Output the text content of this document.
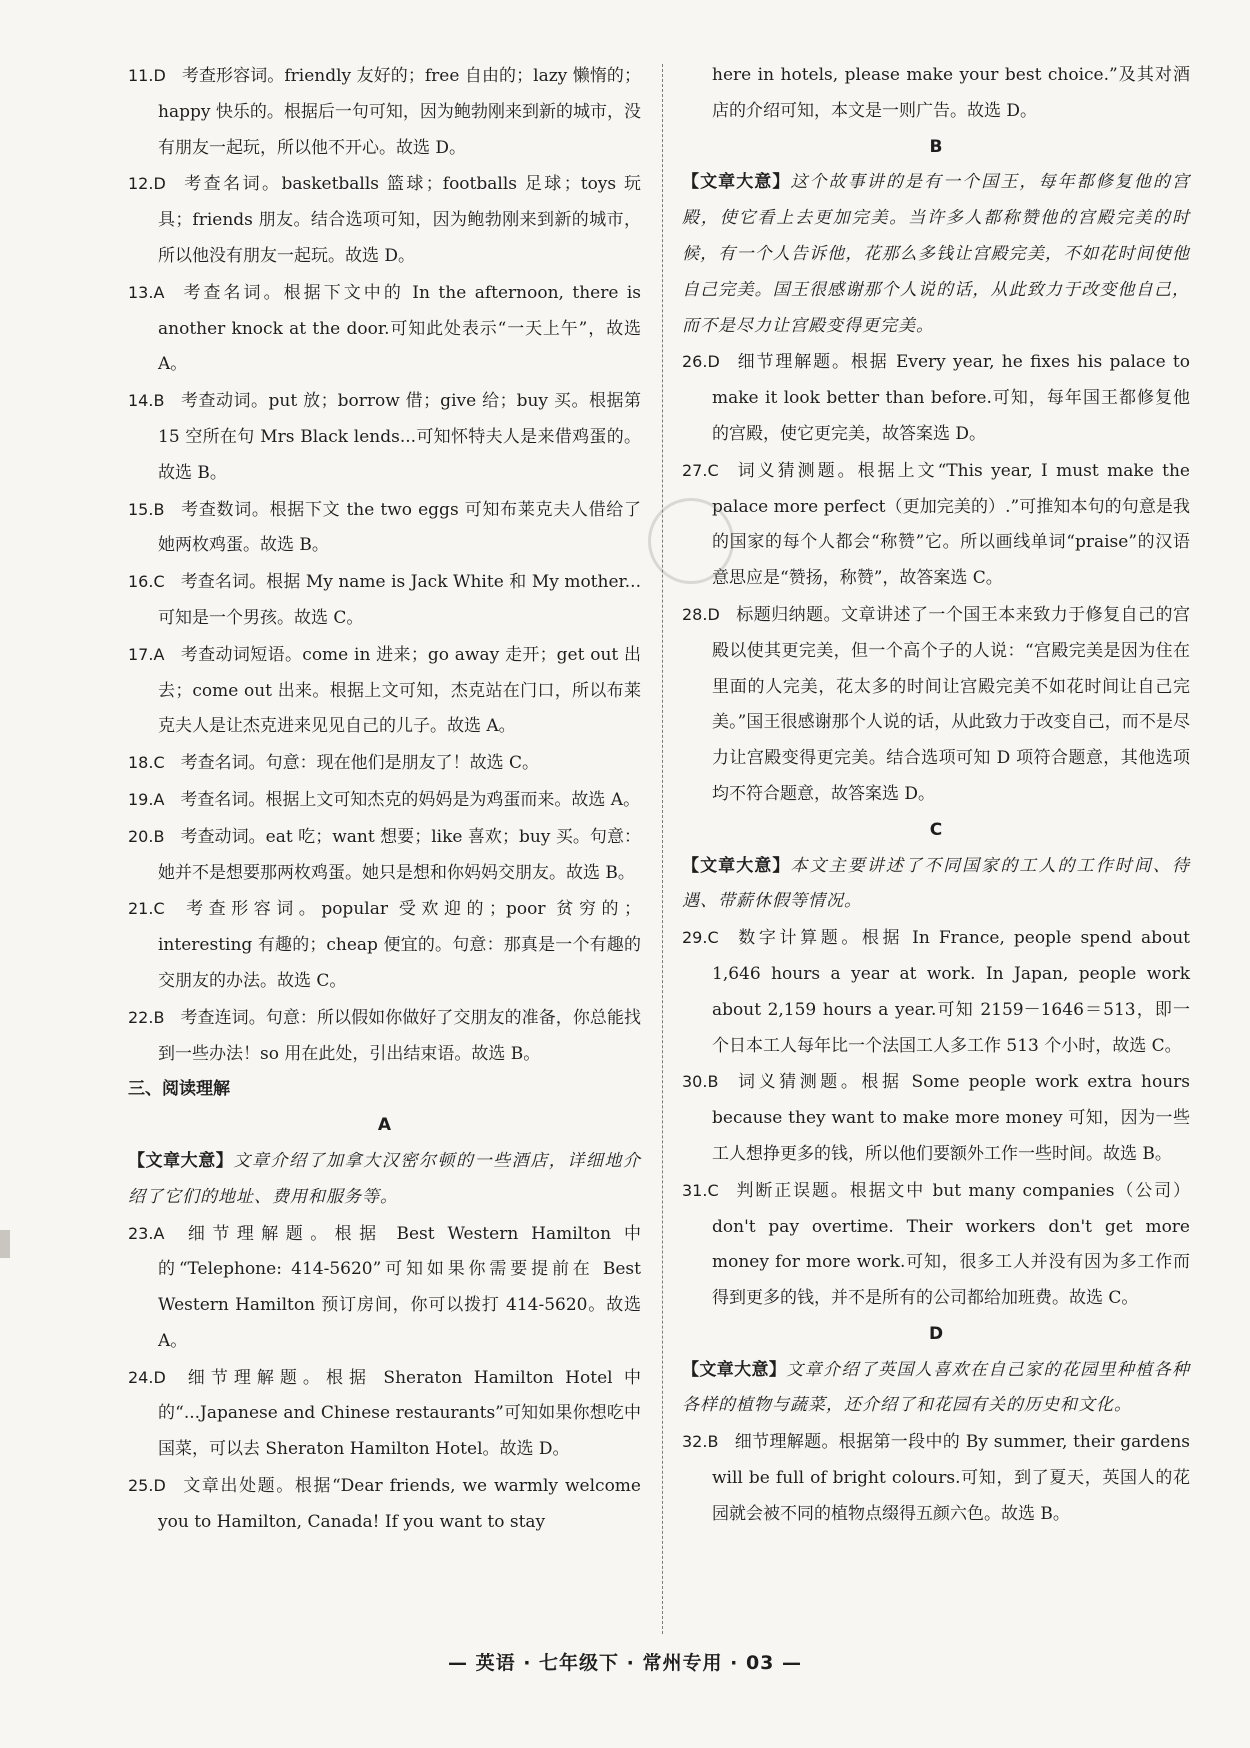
11.D 考查形容词。friendly 友好的；free 自由的；lazy 懒惰的；happy 快乐的。根据后一句可知，因为鲍勃刚来到新的城市，没有朋友一起玩，所以他不开心。故选 D。

12.D 考查名词。basketballs 篮球；footballs 足球；toys 玩具；friends 朋友。结合选项可知，因为鲍勃刚来到新的城市，所以他没有朋友一起玩。故选 D。

13.A 考查名词。根据下文中的 In the afternoon, there is another knock at the door.可知此处表示“一天上午”，故选 A。

14.B 考查动词。put 放；borrow 借；give 给；buy 买。根据第 15 空所在句 Mrs Black lends...可知怀特夫人是来借鸡蛋的。故选 B。

15.B 考查数词。根据下文 the two eggs 可知布莱克夫人借给了她两枚鸡蛋。故选 B。

16.C 考查名词。根据 My name is Jack White 和 My mother...可知是一个男孩。故选 C。

17.A 考查动词短语。come in 进来；go away 走开；get out 出去；come out 出来。根据上文可知，杰克站在门口，所以布莱克夫人是让杰克进来见见自己的儿子。故选 A。

18.C 考查名词。句意：现在他们是朋友了！故选 C。

19.A 考查名词。根据上文可知杰克的妈妈是为鸡蛋而来。故选 A。

20.B 考查动词。eat 吃；want 想要；like 喜欢；buy 买。句意：她并不是想要那两枚鸡蛋。她只是想和你妈妈交朋友。故选 B。

21.C 考查形容词。popular 受欢迎的；poor 贫穷的；interesting 有趣的；cheap 便宜的。句意：那真是一个有趣的交朋友的办法。故选 C。

22.B 考查连词。句意：所以假如你做好了交朋友的准备，你总能找到一些办法！so 用在此处，引出结束语。故选 B。

三、阅读理解

A

【文章大意】文章介绍了加拿大汉密尔顿的一些酒店，详细地介绍了它们的地址、费用和服务等。

23.A 细节理解题。根据 Best Western Hamilton 中的“Telephone: 414-5620”可知如果你需要提前在 Best Western Hamilton 预订房间，你可以拨打 414-5620。故选 A。

24.D 细节理解题。根据 Sheraton Hamilton Hotel 中的“...Japanese and Chinese restaurants”可知如果你想吃中国菜，可以去 Sheraton Hamilton Hotel。故选 D。

25.D 文章出处题。根据“Dear friends, we warmly welcome you to Hamilton, Canada! If you want to stay

here in hotels, please make your best choice.”及其对酒店的介绍可知，本文是一则广告。故选 D。

B

【文章大意】这个故事讲的是有一个国王，每年都修复他的宫殿，使它看上去更加完美。当许多人都称赞他的宫殿完美的时候，有一个人告诉他，花那么多钱让宫殿完美，不如花时间使他自己完美。国王很感谢那个人说的话，从此致力于改变他自己，而不是尽力让宫殿变得更完美。

26.D 细节理解题。根据 Every year, he fixes his palace to make it look better than before.可知，每年国王都修复他的宫殿，使它更完美，故答案选 D。

27.C 词义猜测题。根据上文“This year, I must make the palace more perfect（更加完美的）.”可推知本句的句意是我的国家的每个人都会“称赞”它。所以画线单词“praise”的汉语意思应是“赞扬，称赞”，故答案选 C。

28.D 标题归纳题。文章讲述了一个国王本来致力于修复自己的宫殿以使其更完美，但一个高个子的人说：“宫殿完美是因为住在里面的人完美，花太多的时间让宫殿完美不如花时间让自己完美。”国王很感谢那个人说的话，从此致力于改变自己，而不是尽力让宫殿变得更完美。结合选项可知 D 项符合题意，其他选项均不符合题意，故答案选 D。

C

【文章大意】本文主要讲述了不同国家的工人的工作时间、待遇、带薪休假等情况。

29.C 数字计算题。根据 In France, people spend about 1,646 hours a year at work. In Japan, people work about 2,159 hours a year.可知 2159－1646＝513，即一个日本工人每年比一个法国工人多工作 513 个小时，故选 C。

30.B 词义猜测题。根据 Some people work extra hours because they want to make more money 可知，因为一些工人想挣更多的钱，所以他们要额外工作一些时间。故选 B。

31.C 判断正误题。根据文中 but many companies（公司）don't pay overtime. Their workers don't get more money for more work.可知，很多工人并没有因为多工作而得到更多的钱，并不是所有的公司都给加班费。故选 C。

D

【文章大意】文章介绍了英国人喜欢在自己家的花园里种植各种各样的植物与蔬菜，还介绍了和花园有关的历史和文化。

32.B 细节理解题。根据第一段中的 By summer, their gardens will be full of bright colours.可知，到了夏天，英国人的花园就会被不同的植物点缀得五颜六色。故选 B。

— 英语 · 七年级下 · 常州专用 · 03 —
